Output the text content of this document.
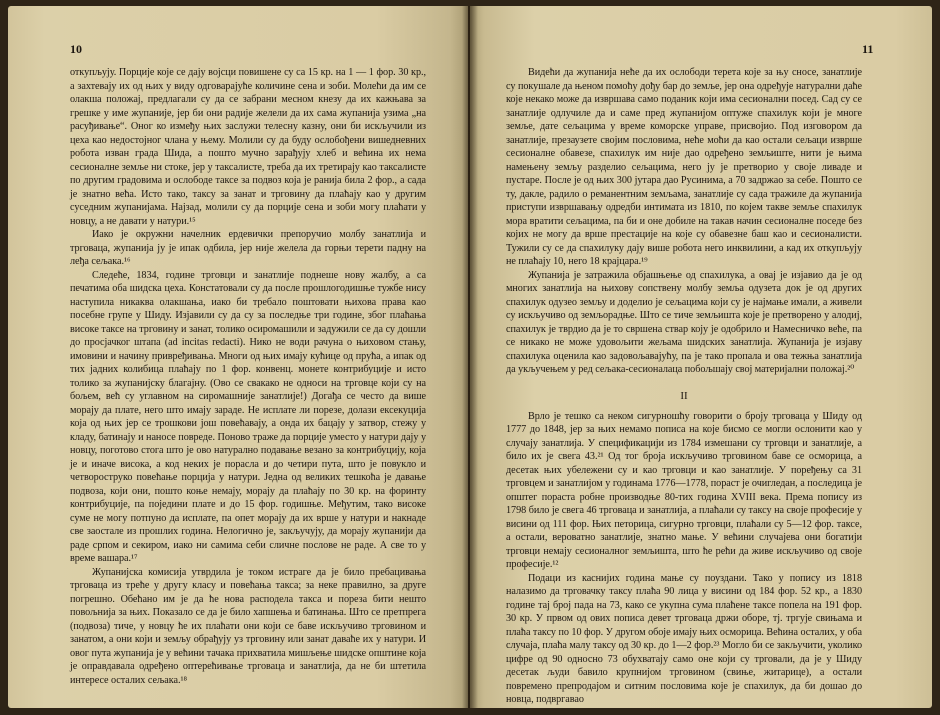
10

откупљују. Порције које се дају војсци повишене су са 15 кр. на 1 — 1 фор. 30 кр., а захтевају их од њих у виду одговарајуће количине сена и зоби. Молећи да им се олакша положај, предлагали су да се забрани месном кнезу да их кажњава за грешке у име жупаније, јер би они радије желели да их сама жупанија узима „на расуђивање“. Оног ко између њих заслужи телесну казну, они би искључили из цеха као недостојног члана у њему. Молили су да буду ослобођени вишедневних робота изван града Шида, а пошто мучно зарађују хлеб и већина их нема сесионалне земље ни стоке, јер у таксалисте, треба да их третирају као таксалисте по другим градовима и ослободе таксе за подвоз која је ранија била 2 фор., а сада је знатно већа. Исто тако, таксу за занат и трговину да плаћају као у другим суседним жупанијама. Најзад, молили су да порције сена и зоби могу плаћати у новцу, а не давати у натури.¹⁵

Иако је окружни начелник ердевички препоручио молбу занатлија и трговаца, жупанија ју је ипак одбила, јер није желела да горњи терети падну на леђа сељака.¹⁶

Следеће, 1834, године трговци и занатлије поднеше нову жалбу, а са печатима оба шидска цеха. Констатовали су да после прошлогодишње тужбе нису наступила никаква олакшања, иако би требало поштовати њихова права као посебне групе у Шиду. Изјавили су да су за последње три године, због плаћања високе таксе на трговину и занат, толико осиромашили и задужили се да су дошли до просјачког штапа (ad incitas redacti). Нико не води рачуна о њиховом стању, имовини и начину привређивања. Многи од њих имају кућице од прућа, а ипак од тих јадних колибица плаћају по 1 фор. конвенц. монете контрибуције и исто толико за жупанијску благајну. (Ово се свакако не односи на трговце који су на бољем, већ су углавном на сиромашније занатлије!) Догађа се често да више морају да плате, него што имају зараде. Не исплате ли порезе, долази ексекуција која од њих јер се трошкови још повећавају, а онда их бацају у затвор, стежу у кладу, батинају и наносе повреде. Поново траже да порције уместо у натури дају у новцу, поготово стога што је ово натурално подавање везано за контрибуцију, која је и иначе висока, а код неких је порасла и до четири пута, што је повукло и четвороструко повећање порција у натури. Једна од великих тешкоћа је давање подвоза, који они, пошто коње немају, морају да плаћају по 30 кр. на форинту контрибуције, па поједини плате и до 15 фор. годишње. Међутим, тако високе суме не могу потпуно да исплате, па опет морају да их врше у натури и накнаде све заостале из прошлих година. Нелогично је, закључују, да морају жупанији да раде српом и секиром, иако ни самима себи сличне послове не раде. А све то у време вашара.¹⁷

Жупанијска комисија утврдила је током истраге да је било пребацивања трговаца из треће у другу класу и повећања такса; за неке правилно, за друге погрешно. Обећано им је да ће нова расподела такса и пореза бити нешто повољнија за њих. Показало се да је било хапшења и батинања. Што се претпрега (подвоза) тиче, у новцу ће их плаћати они који се баве искључиво трговином и занатом, а они који и земљу обрађују уз трговину или занат даваће их у натури. И овог пута жупанија је у већини тачака прихватила мишљење шидске општине која је оправдавала одређено оптерећивање трговаца и занатлија, да не би штетила интересе осталих сељака.¹⁸

11

Видећи да жупанија неће да их ослободи терета које за њу сносе, занатлије су покушале да њеном помоћу дођу бар до земље, јер она одређује натурални даће које некако може да извршава само поданик који има сесионални посед. Сад су се занатлије одлучиле да и саме пред жупанијом оптуже спахилук који је многе земље, дате сељацима у време коморске управе, присвојио. Под изговором да занатлије, презаузете својим пословима, неће моћи да као остали сељаци изврше сесионалне обавезе, спахилук им није дао одређено земљиште, нити је њима намењену земљу разделио сељацима, него ју је претворио у своје ливаде и пустаре. После је од њих 300 јутара дао Русинима, а 70 задржао за себе. Пошто се ту, дакле, радило о реманентним земљама, занатлије су сада тражиле да жупанија приступи извршавању одредби интимата из 1810, по којем такве земље спахилук мора вратити сељацима, па би и оне добиле на такав начин сесионалне поседе без којих не могу да врше престације на које су обавезне баш као и сесионалисти. Тужили су се да спахилуку дају више робота него инквилини, а кад их откупљују не плаћају 10, него 18 крајцара.¹⁹

Жупанија је затражила објашњење од спахилука, а овај је изјавио да је од многих занатлија на њихову сопствену молбу земља одузета док је од других спахилук одузео земљу и доделио је сељацима који су је најмање имали, а живели су искључиво од земљорадње. Што се тиче земљишта које је претворено у алодиј, спахилук је тврдио да је то свршена ствар коју је одобрило и Намесничко веће, па се никако не може удовољити жељама шидских занатлија. Жупанија је изјаву спахилука оценила као задовољавајућу, па је тако пропала и ова тежња занатлија да укључењем у ред сељака-сесионалаца побољшају свој материјални положај.²⁰

II

Врло је тешко са неком сигурношћу говорити о броју трговаца у Шиду од 1777 до 1848, јер за њих немамо пописа на које бисмо се могли ослонити као у случају занатлија. У спецификацији из 1784 измешани су трговци и занатлије, а било их је свега 43.²¹ Од тог броја искључиво трговином баве се осморица, а десетак њих убележени су и као трговци и као занатлије. У поређењу са 31 трговцем и занатлијом у годинама 1776—1778, пораст је очигледан, а последица је општег пораста робне производње 80-тих година XVIII века. Према попису из 1798 било је свега 46 трговаца и занатлија, а плаћали су таксу на своје професије у висини од 111 фор. Њих петорица, сигурно трговци, плаћали су 5—12 фор. таксе, а остали, вероватно занатлије, знатно мање. У већини случајева они богатији трговци немају сесионалног земљишта, што ће рећи да живе искључиво од своје професије.¹²

Подаци из каснијих година мање су поуздани. Тако у попису из 1818 налазимо да трговачку таксу плаћа 90 лица у висини од 184 фор. 52 кр., а 1830 године тај број пада на 73, како се укупна сума плаћене таксе попела на 191 фор. 30 кр. У првом од ових пописа девет трговаца држи оборе, тј. тргује свињама и плаћа таксу по 10 фор. У другом обоје имају њих осморица. Већина осталих, у оба случаја, плаћа малу таксу од 30 кр. до 1—2 фор.²³ Могло би се закључити, уколико цифре од 90 односно 73 обухватају само оне који су трговали, да је у Шиду десетак људи бавило крупнијом трговином (свиње, житарице), а остали повремено препродајом и ситним пословима које је спахилук, да би дошао до новца, подвргавао
